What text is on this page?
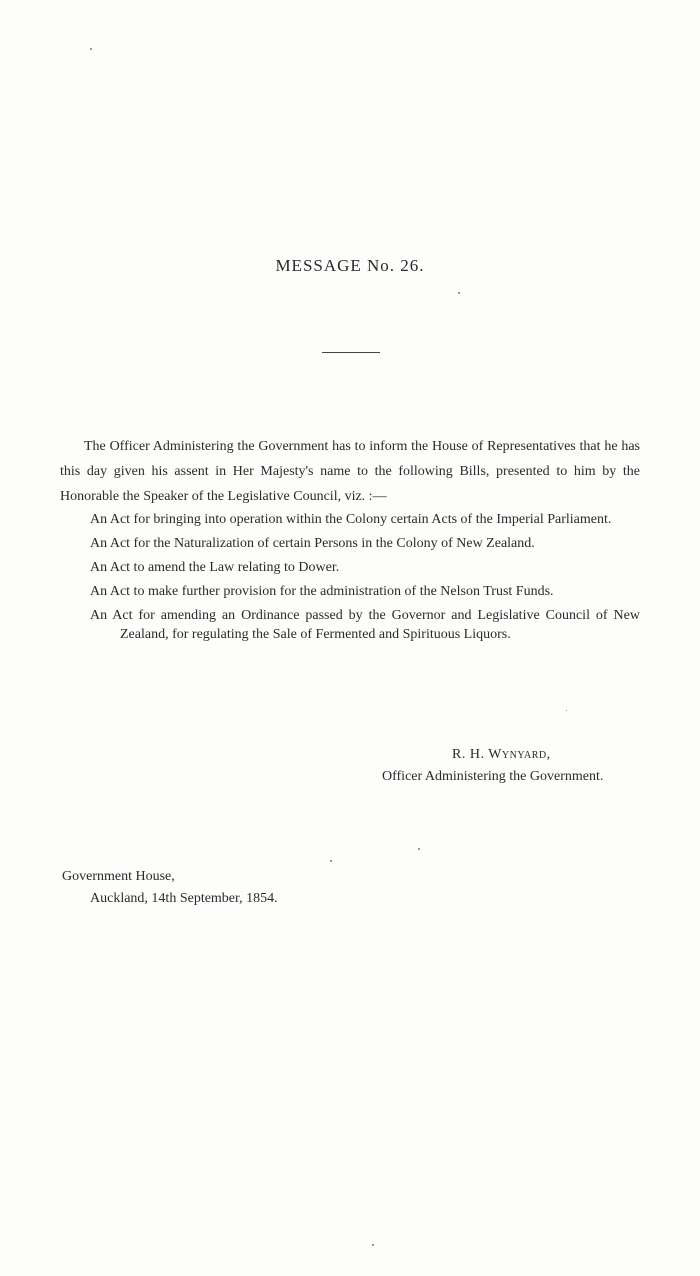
MESSAGE No. 26.

The Officer Administering the Government has to inform the House of Representatives that he has this day given his assent in Her Majesty's name to the following Bills, presented to him by the Honorable the Speaker of the Legislative Council, viz. :—

An Act for bringing into operation within the Colony certain Acts of the Imperial Parliament.
An Act for the Naturalization of certain Persons in the Colony of New Zealand.
An Act to amend the Law relating to Dower.
An Act to make further provision for the administration of the Nelson Trust Funds.
An Act for amending an Ordinance passed by the Governor and Legislative Council of New Zealand, for regulating the Sale of Fermented and Spirituous Liquors.
R. H. Wynyard,
Officer Administering the Government.
Government House,
Auckland, 14th September, 1854.
